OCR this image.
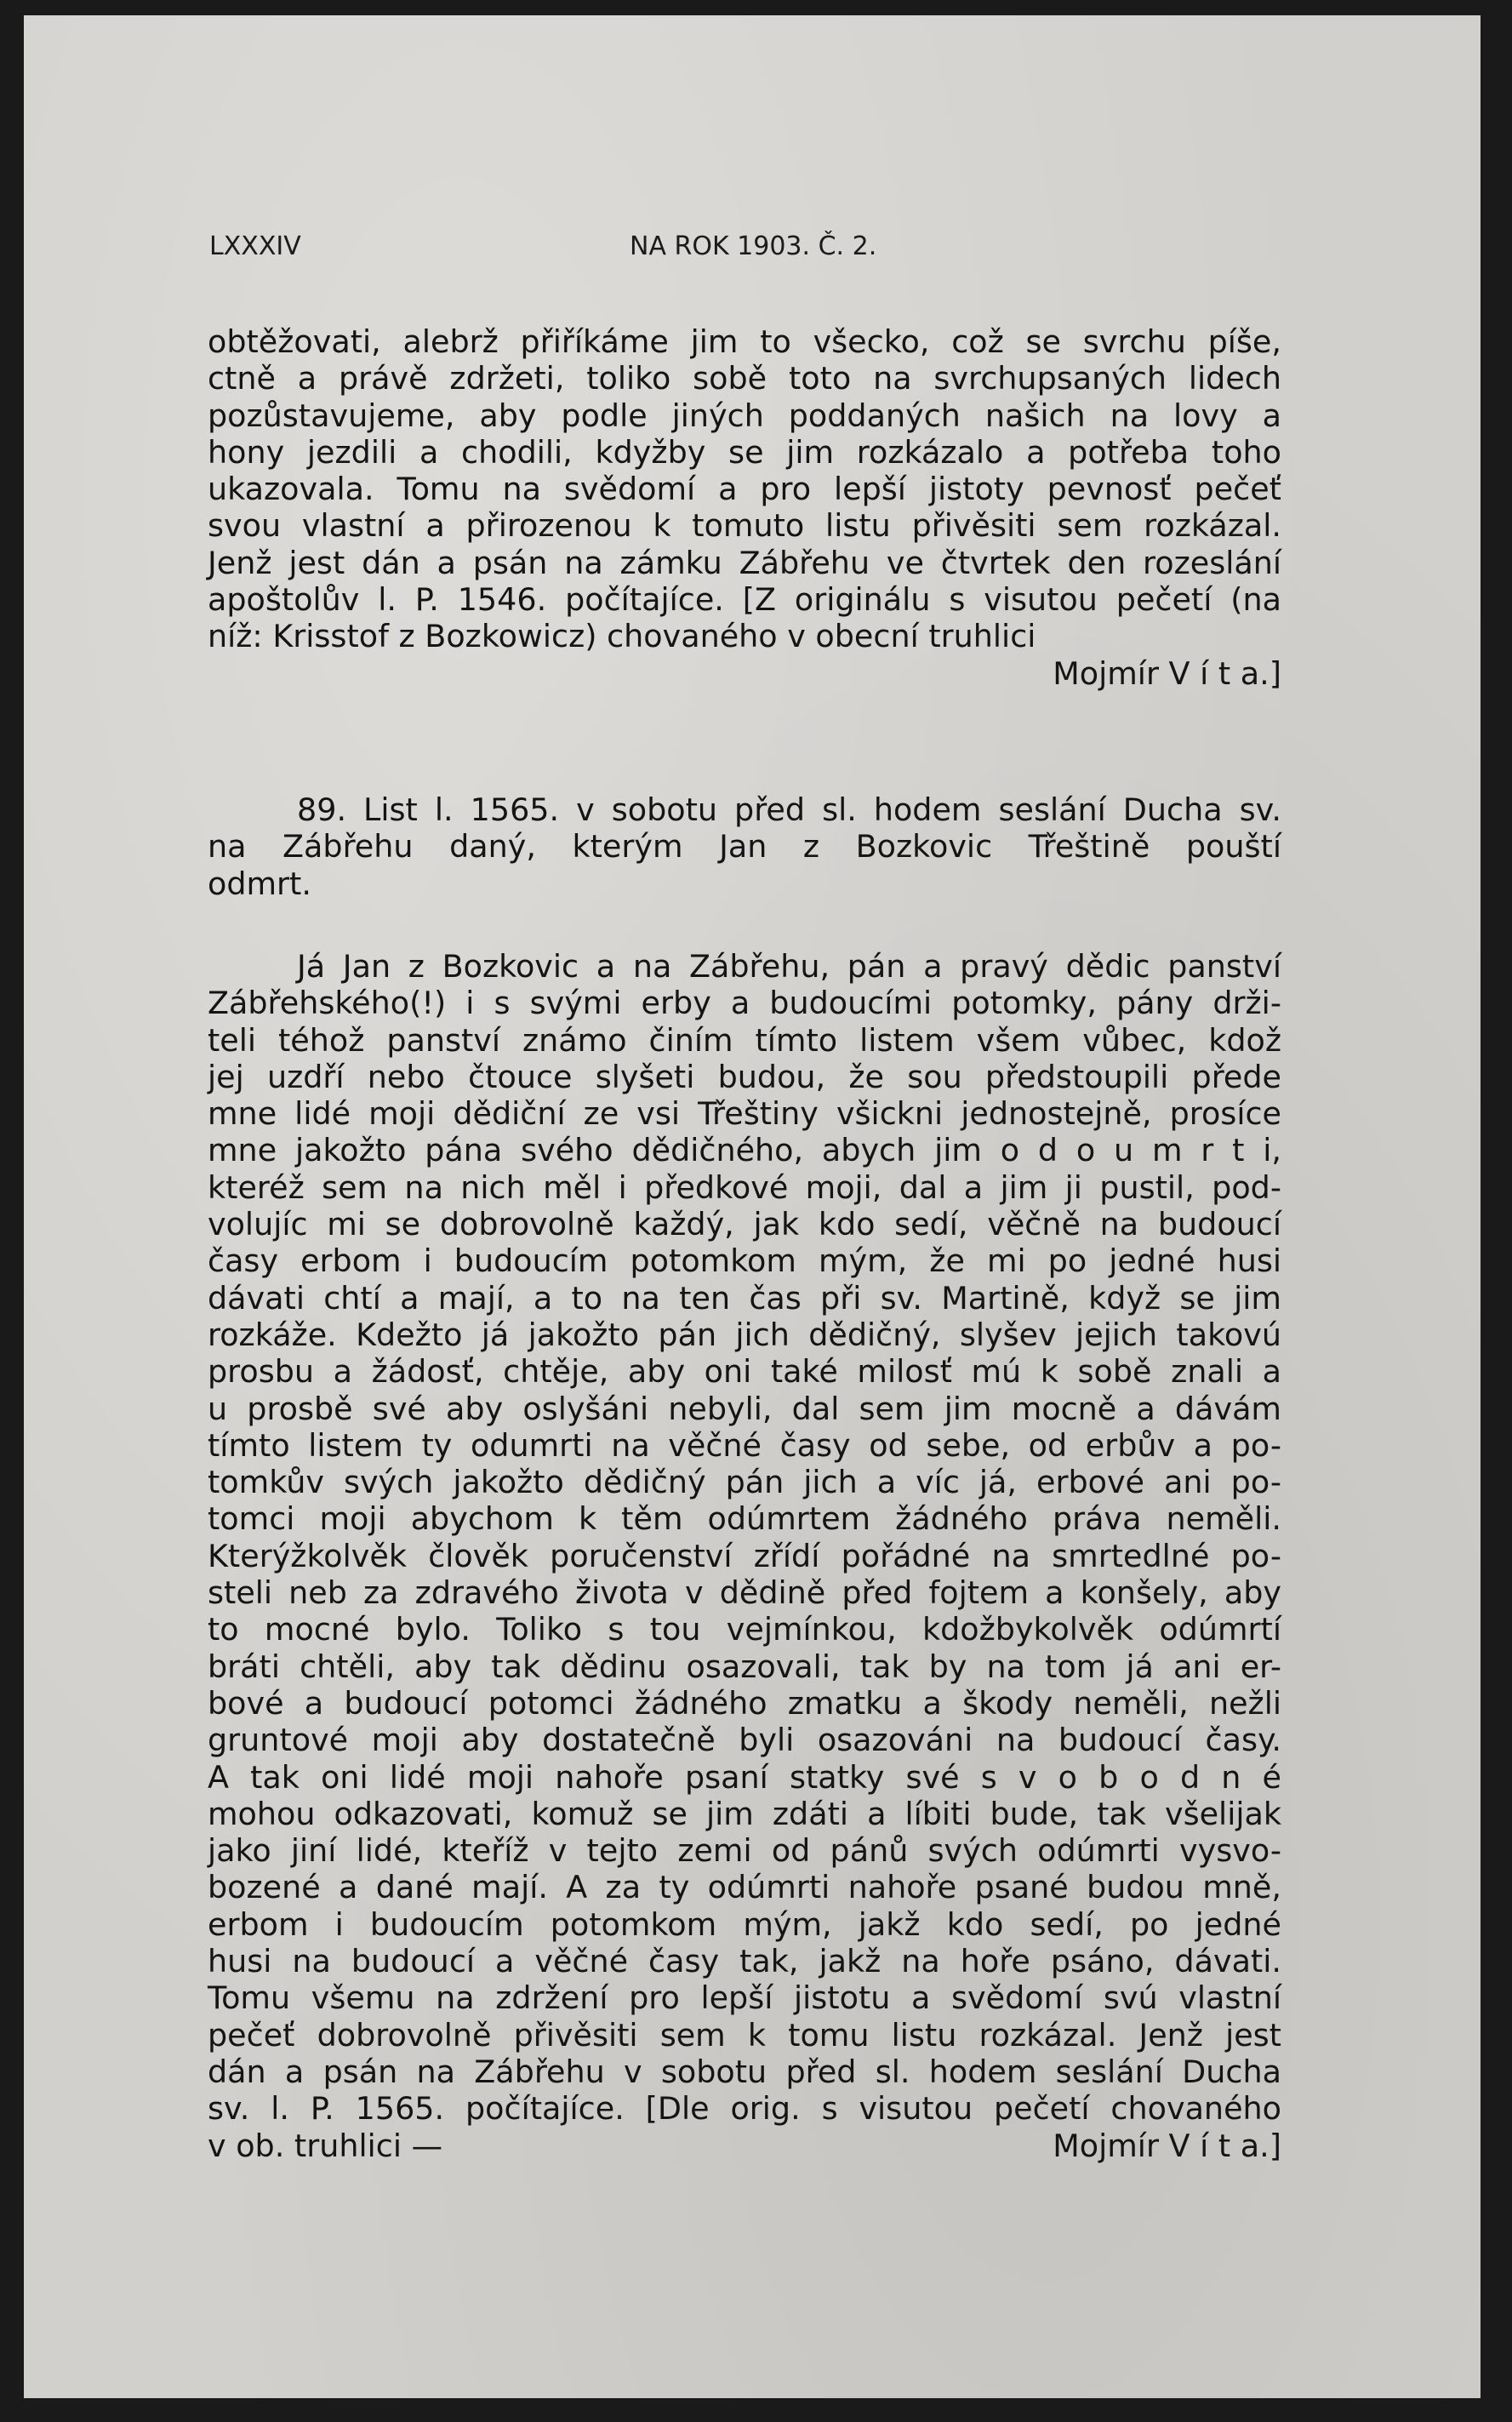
LXXXIV	NA ROK 1903. Č. 2.
obtěžovati, alebrž přiříkáme jim to všecko, což se svrchu píše,
ctně a právě zdržeti, toliko sobě toto na svrchupsaných lidech
pozůstavujeme, aby podle jiných poddaných našich na lovy a
hony jezdili a chodili, kdyžby se jim rozkázalo a potřeba toho
ukazovala. Tomu na svědomí a pro lepší jistoty pevnosť pečeť
svou vlastní a přirozenou k tomuto listu přivěsiti sem rozkázal.
Jenž jest dán a psán na zámku Zábřehu ve čtvrtek den rozeslání
apoštolův l. P. 1546. počítajíce. [Z originálu s visutou pečetí (na
níž: Krisstof z Bozkowicz) chovaného v obecní truhlici
Mojmír V í t a.]
89. List l. 1565. v sobotu před sl. hodem seslání Ducha sv.
na Zábřehu daný, kterým Jan z Bozkovic Třeštině pouští
odmrt.
Já Jan z Bozkovic a na Zábřehu, pán a pravý dědic panství
Zábřehského(!) i s svými erby a budoucími potomky, pány drži-
teli téhož panství známo činím tímto listem všem vůbec, kdož
jej uzdří nebo čtouce slyšeti budou, že sou předstoupili přede
mne lidé moji dědiční ze vsi Třeštiny všickni jednostejně, prosíce
mne jakožto pána svého dědičného, abych jim o d o u m r t i,
kteréž sem na nich měl i předkové moji, dal a jim ji pustil, pod-
volujíc mi se dobrovolně každý, jak kdo sedí, věčně na budoucí
časy erbom i budoucím potomkom mým, že mi po jedné husi
dávati chtí a mají, a to na ten čas při sv. Martině, když se jim
rozkáže. Kdežto já jakožto pán jich dědičný, slyšev jejich takovú
prosbu a žádosť, chtěje, aby oni také milosť mú k sobě znali a
u prosbě své aby oslyšáni nebyli, dal sem jim mocně a dávám
tímto listem ty odumrti na věčné časy od sebe, od erbův a po-
tomkův svých jakožto dědičný pán jich a víc já, erbové ani po-
tomci moji abychom k těm odúmrtem žádného práva neměli.
Kterýžkolvěk člověk poručenství zřídí pořádné na smrtedlné po-
steli neb za zdravého života v dědině před fojtem a konšely, aby
to mocné bylo. Toliko s tou vejmínkou, kdožbykolvěk odúmrtí
bráti chtěli, aby tak dědinu osazovali, tak by na tom já ani er-
bové a budoucí potomci žádného zmatku a škody neměli, nežli
gruntové moji aby dostatečně byli osazováni na budoucí časy.
A tak oni lidé moji nahoře psaní statky své s v o b o d n é
mohou odkazovati, komuž se jim zdáti a líbiti bude, tak všelijak
jako jiní lidé, kteříž v tejto zemi od pánů svých odúmrti vysvo-
bozené a dané mají. A za ty odúmrti nahoře psané budou mně,
erbom i budoucím potomkom mým, jakž kdo sedí, po jedné
husi na budoucí a věčné časy tak, jakž na hoře psáno, dávati.
Tomu všemu na zdržení pro lepší jistotu a svědomí svú vlastní
pečeť dobrovolně přivěsiti sem k tomu listu rozkázal. Jenž jest
dán a psán na Zábřehu v sobotu před sl. hodem seslání Ducha
sv. l. P. 1565. počítajíce. [Dle orig. s visutou pečetí chovaného
v ob. truhlici —	Mojmír V í t a.]
